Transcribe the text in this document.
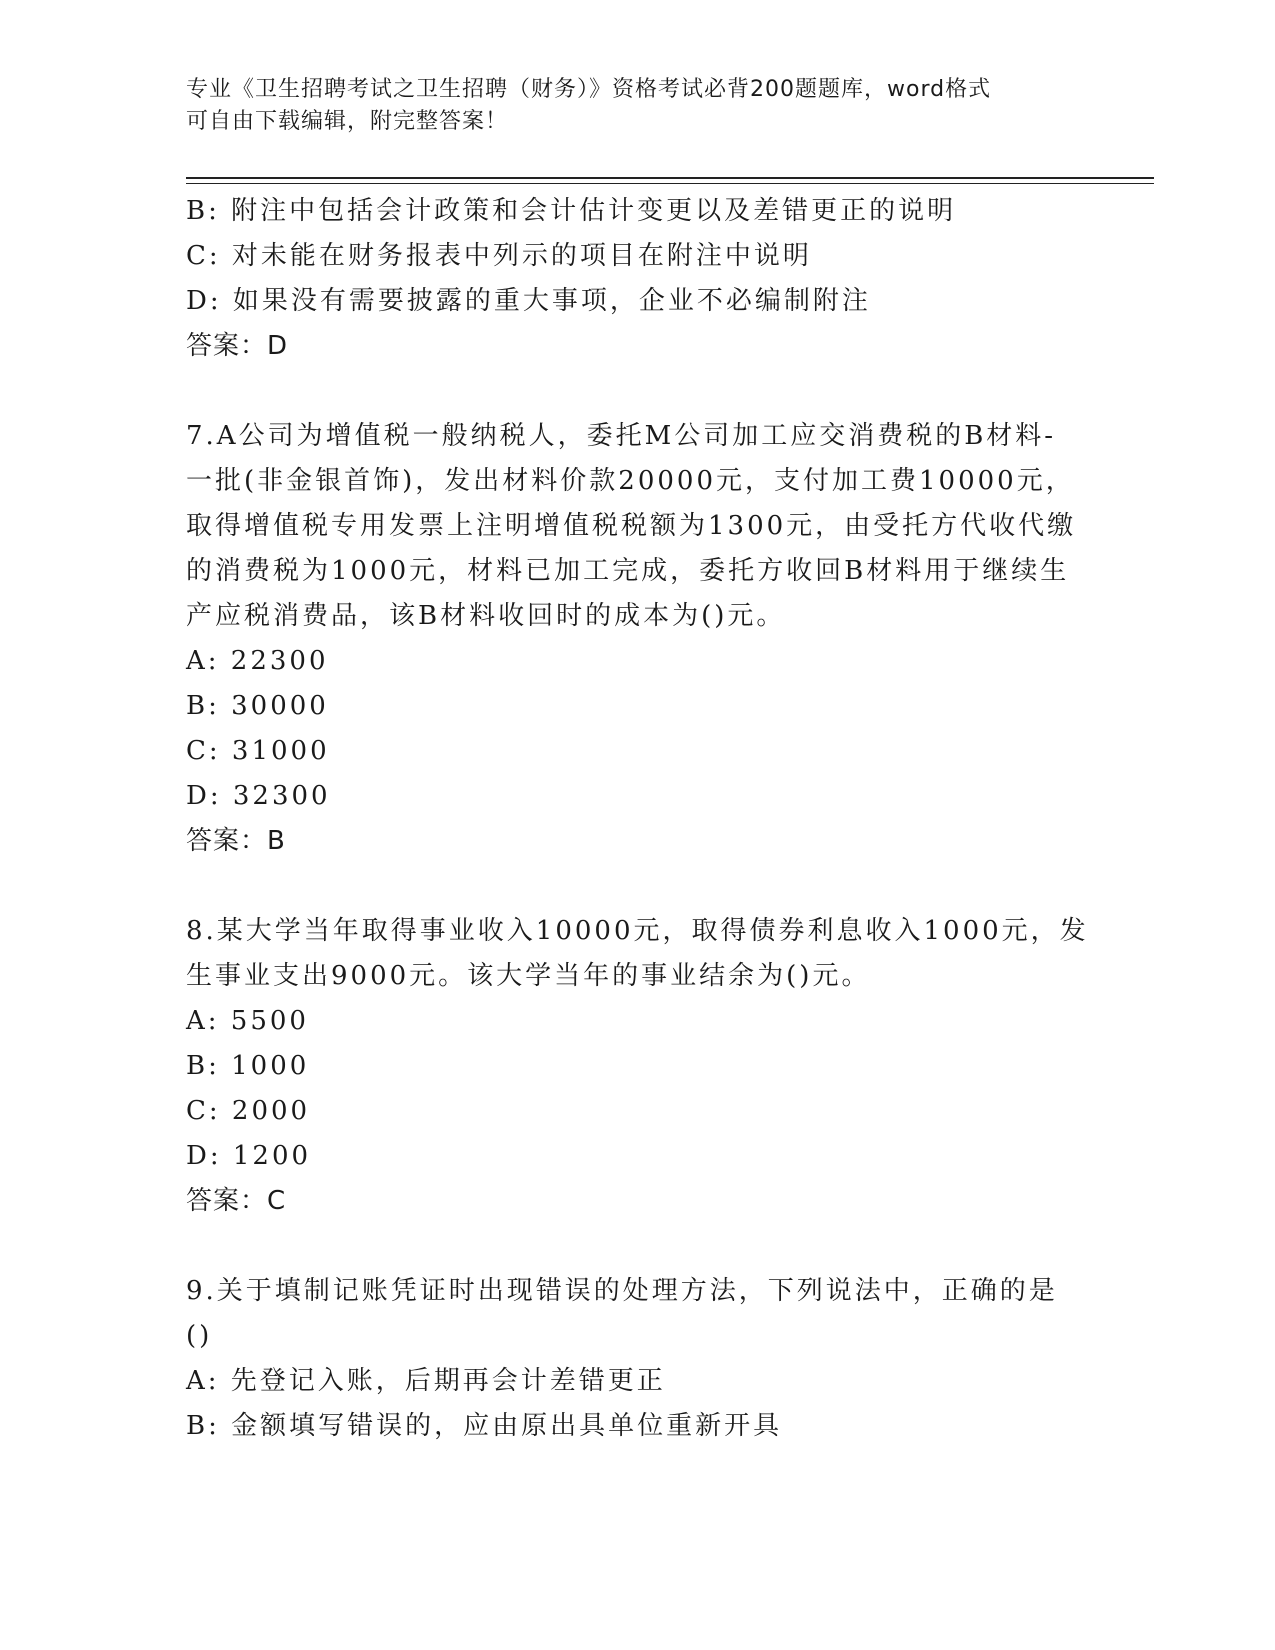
专业《卫生招聘考试之卫生招聘（财务）》资格考试必背200题题库，word格式
可自由下载编辑，附完整答案！
B: 附注中包括会计政策和会计估计变更以及差错更正的说明
C: 对未能在财务报表中列示的项目在附注中说明
D: 如果没有需要披露的重大事项，企业不必编制附注
答案：D
7.A公司为增值税一般纳税人，委托M公司加工应交消费税的B材料-
一批(非金银首饰)，发出材料价款20000元，支付加工费10000元，
取得增值税专用发票上注明增值税税额为1300元，由受托方代收代缴
的消费税为1000元，材料已加工完成，委托方收回B材料用于继续生
产应税消费品，该B材料收回时的成本为()元。
A: 22300
B: 30000
C: 31000
D: 32300
答案：B
8.某大学当年取得事业收入10000元，取得债券利息收入1000元，发
生事业支出9000元。该大学当年的事业结余为()元。
A: 5500
B: 1000
C: 2000
D: 1200
答案：C
9.关于填制记账凭证时出现错误的处理方法，下列说法中，正确的是
()
A: 先登记入账，后期再会计差错更正
B: 金额填写错误的，应由原出具单位重新开具
